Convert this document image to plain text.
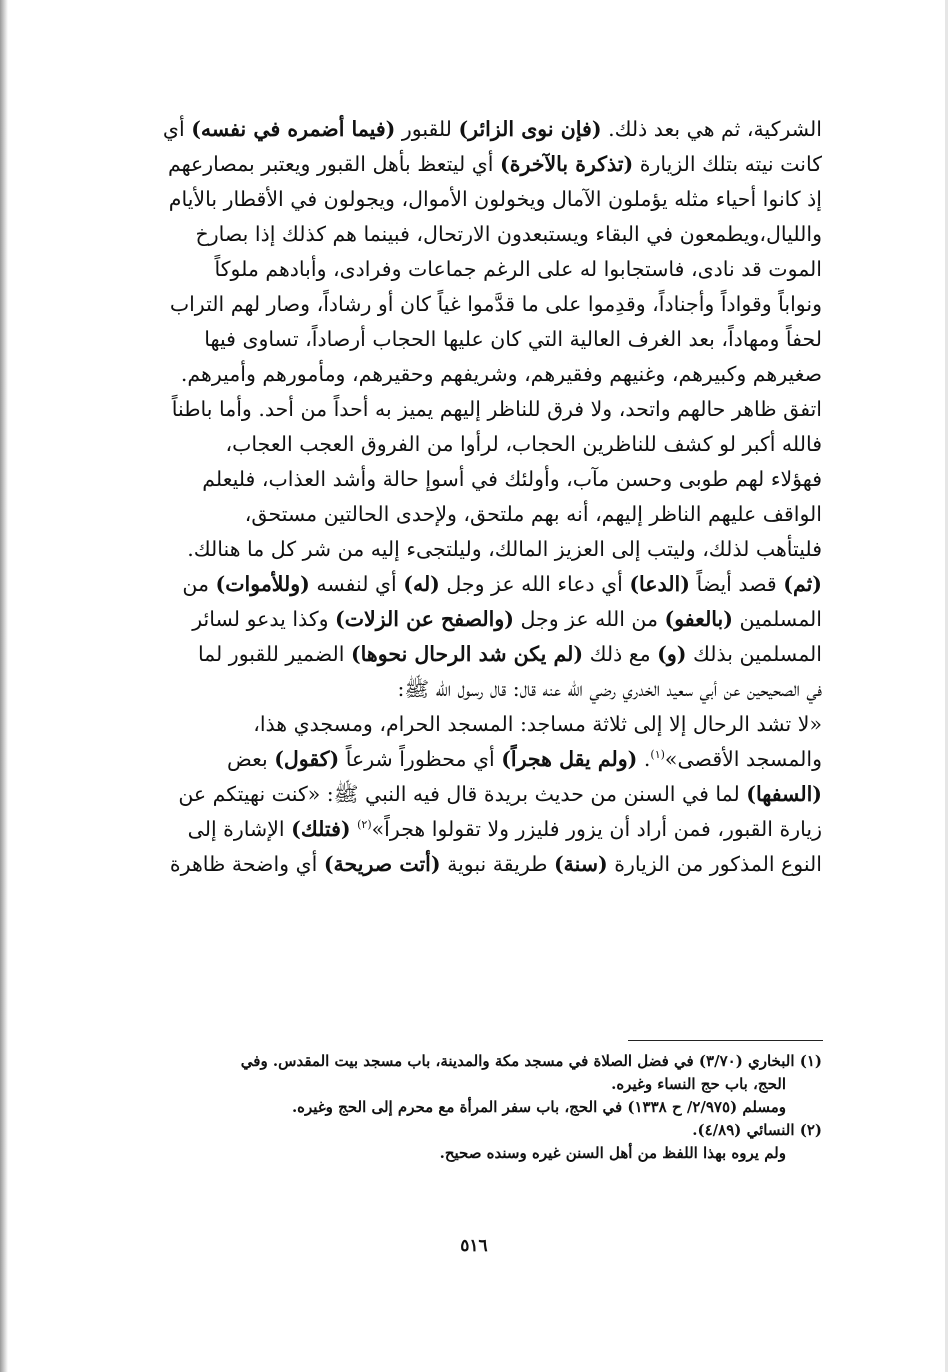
الشركية، ثم هي بعد ذلك. (فإن نوى الزائر) للقبور (فيما أضمره في نفسه) أي

كانت نيته بتلك الزيارة (تذكرة بالآخرة) أي ليتعظ بأهل القبور ويعتبر بمصارعهم

إذ كانوا أحياء مثله يؤملون الآمال ويخولون الأموال، ويجولون في الأقطار بالأيام

والليال،ويطمعون في البقاء ويستبعدون الارتحال، فبينما هم كذلك إذا بصارخ

الموت قد نادى، فاستجابوا له على الرغم جماعات وفرادى، وأبادهم ملوكاً

ونواباً وقواداً وأجناداً، وقدِموا على ما قدَّموا غياً كان أو رشاداً، وصار لهم التراب

لحفاً ومهاداً، بعد الغرف العالية التي كان عليها الحجاب أرصاداً، تساوى فيها

صغيرهم وكبيرهم، وغنيهم وفقيرهم، وشريفهم وحقيرهم، ومأمورهم وأميرهم.

اتفق ظاهر حالهم واتحد، ولا فرق للناظر إليهم يميز به أحداً من أحد. وأما باطناً

فالله أكبر لو كشف للناظرين الحجاب، لرأوا من الفروق العجب العجاب،

فهؤلاء لهم طوبى وحسن مآب، وأولئك في أسوإ حالة وأشد العذاب، فليعلم

الواقف عليهم الناظر إليهم، أنه بهم ملتحق، ولإحدى الحالتين مستحق،

فليتأهب لذلك، وليتب إلى العزيز المالك، وليلتجىء إليه من شر كل ما هنالك.

(ثم) قصد أيضاً (الدعا) أي دعاء الله عز وجل (له) أي لنفسه (وللأموات) من

المسلمين (بالعفو) من الله عز وجل (والصفح عن الزلات) وكذا يدعو لسائر

المسلمين بذلك (و) مع ذلك (لم يكن شد الرحال نحوها) الضمير للقبور لما

في الصحيحين عن أبي سعيد الخدري رضي الله عنه قال: قال رسول الله ﷺ:

«لا تشد الرحال إلا إلى ثلاثة مساجد: المسجد الحرام، ومسجدي هذا،

والمسجد الأقصى»$^{(١)}$. (ولم يقل هجراً) أي محظوراً شرعاً (كقول) بعض

(السفها) لما في السنن من حديث بريدة قال فيه النبي ﷺ: «كنت نهيتكم عن

زيارة القبور، فمن أراد أن يزور فليزر ولا تقولوا هجراً»$^{(٢)}$ (فتلك) الإشارة إلى

النوع المذكور من الزيارة (سنة) طريقة نبوية (أتت صريحة) أي واضحة ظاهرة

(١) البخاري (٣/٧٠) في فضل الصلاة في مسجد مكة والمدينة، باب مسجد بيت المقدس. وفي

الحج، باب حج النساء وغيره.

ومسلم (٢/٩٧٥/ ح ١٣٣٨) في الحج، باب سفر المرأة مع محرم إلى الحج وغيره.

(٢) النسائي (٤/٨٩).

ولم يروه بهذا اللفظ من أهل السنن غيره وسنده صحيح.

٥١٦
